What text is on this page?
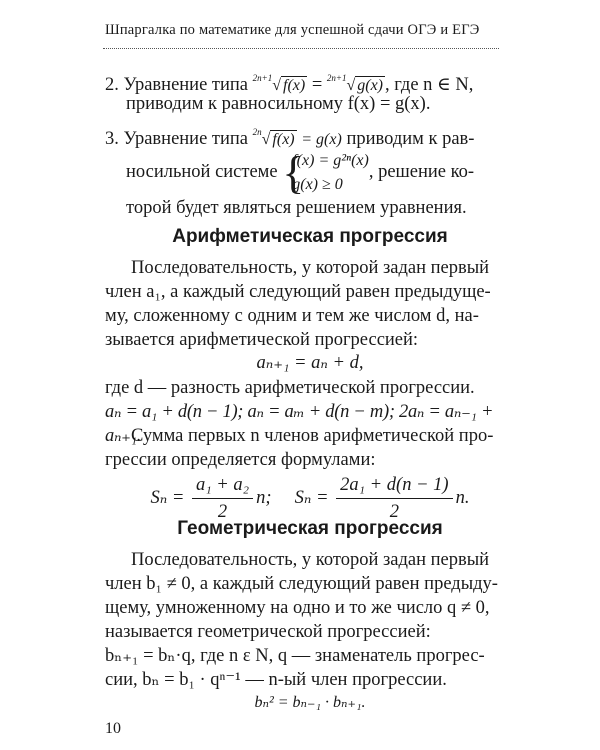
Шпаргалка по математике для успешной сдачи ОГЭ и ЕГЭ
2. Уравнение типа $^{2n+1}$√ f(x) = $^{2n+1}$√ g(x) , где n ∈ N,
приводим к равносильному f(x) = g(x).
3. Уравнение типа $^{2n}$√ f(x) = g(x) приводим к рав-
носильной системе {
f(x) = g²ⁿ(x)
g(x) ≥ 0
, решение ко-
торой будет являться решением уравнения.
Арифметическая прогрессия
Последовательность, у которой задан первый
член a₁, а каждый следующий равен предыдуще-
му, сложенному с одним и тем же числом d, на-
зывается арифметической прогрессией:
aₙ₊₁ = aₙ + d,
где d — разность арифметической прогрессии.
aₙ = a₁ + d(n − 1); aₙ = aₘ + d(n − m); 2aₙ = aₙ₋₁ + aₙ₊₁.
Сумма первых n членов арифметической про-
грессии определяется формулами:
$S_n = \frac{\text{a₁ + a₂}}{2} n$; $S_n = \frac{\text{2a₁ + d(n − 1)}}{2} n$.
Геометрическая прогрессия
Последовательность, у которой задан первый
член b₁ ≠ 0, а каждый следующий равен предыду-
щему, умноженному на одно и то же число q ≠ 0,
называется геометрической прогрессией:
bₙ₊₁ = bₙ·q, где n ε N, q — знаменатель прогрес-
сии, bₙ = b₁ · qⁿ⁻¹ — n-ый член прогрессии.
bₙ² = bₙ₋₁ · bₙ₊₁.
10
